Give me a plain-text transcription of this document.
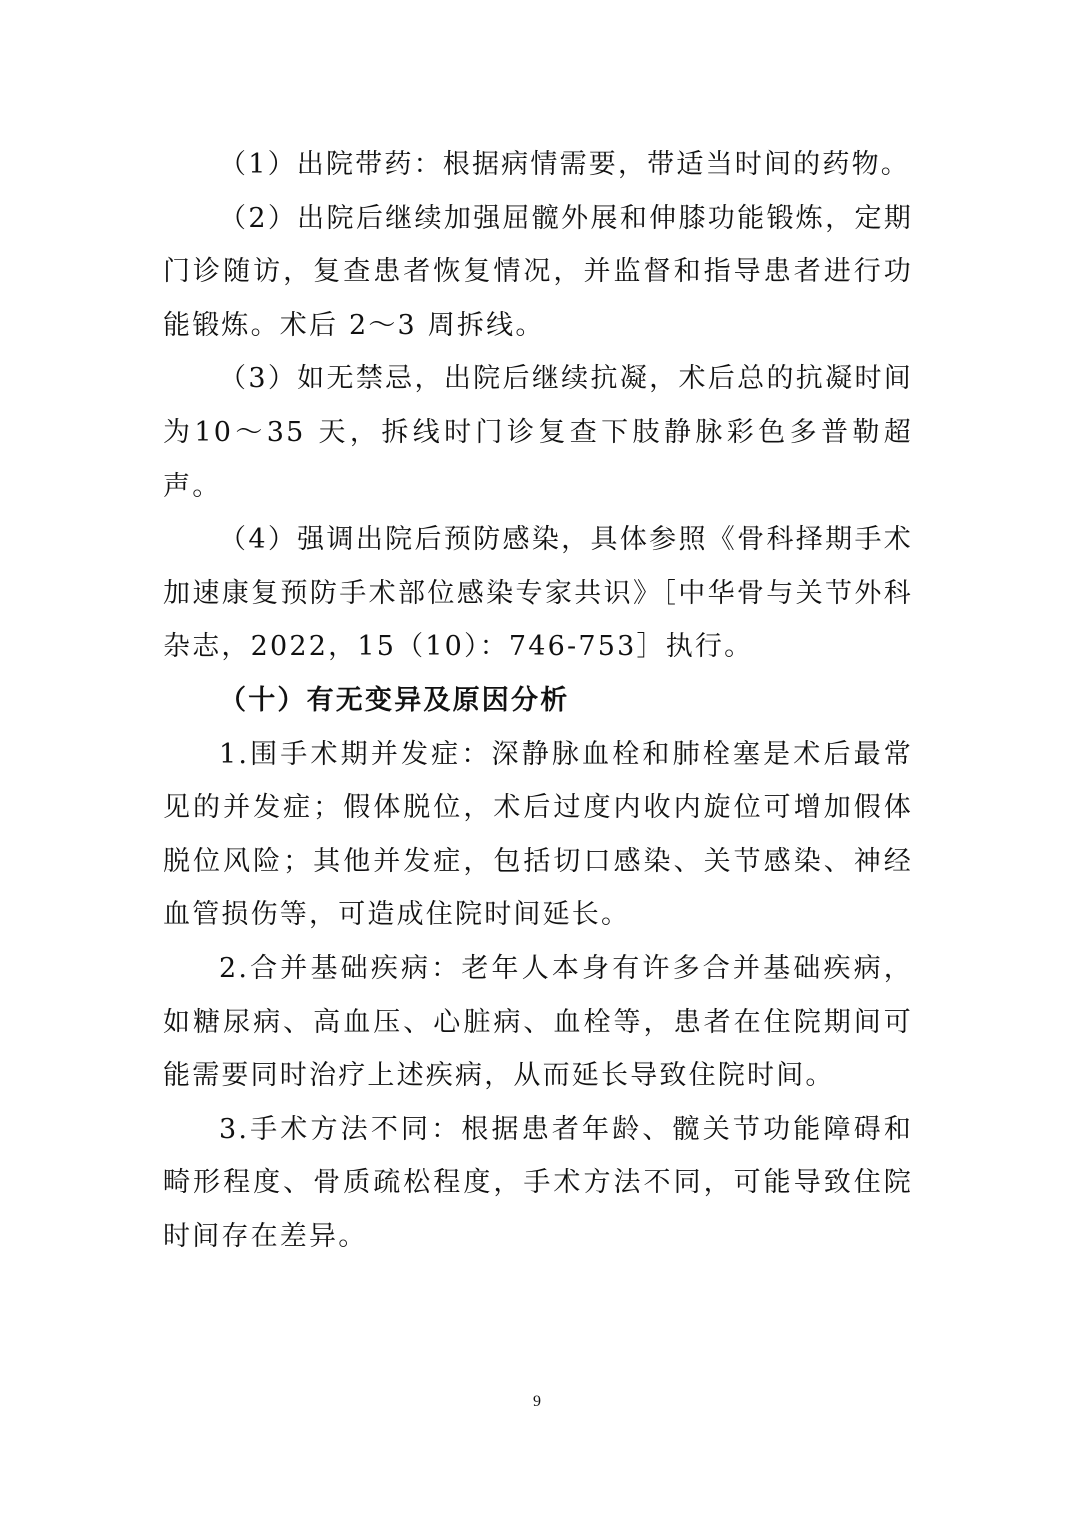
（1）出院带药：根据病情需要，带适当时间的药物。

（2）出院后继续加强屈髋外展和伸膝功能锻炼，定期门诊随访，复查患者恢复情况，并监督和指导患者进行功能锻炼。术后 2～3 周拆线。

（3）如无禁忌，出院后继续抗凝，术后总的抗凝时间为10～35 天，拆线时门诊复查下肢静脉彩色多普勒超声。

（4）强调出院后预防感染，具体参照《骨科择期手术加速康复预防手术部位感染专家共识》［中华骨与关节外科杂志，2022，15（10）：746-753］执行。

（十）有无变异及原因分析

1.围手术期并发症：深静脉血栓和肺栓塞是术后最常见的并发症；假体脱位，术后过度内收内旋位可增加假体脱位风险；其他并发症，包括切口感染、关节感染、神经血管损伤等，可造成住院时间延长。

2.合并基础疾病：老年人本身有许多合并基础疾病，如糖尿病、高血压、心脏病、血栓等，患者在住院期间可能需要同时治疗上述疾病，从而延长导致住院时间。

3.手术方法不同：根据患者年龄、髋关节功能障碍和畸形程度、骨质疏松程度，手术方法不同，可能导致住院时间存在差异。

9
